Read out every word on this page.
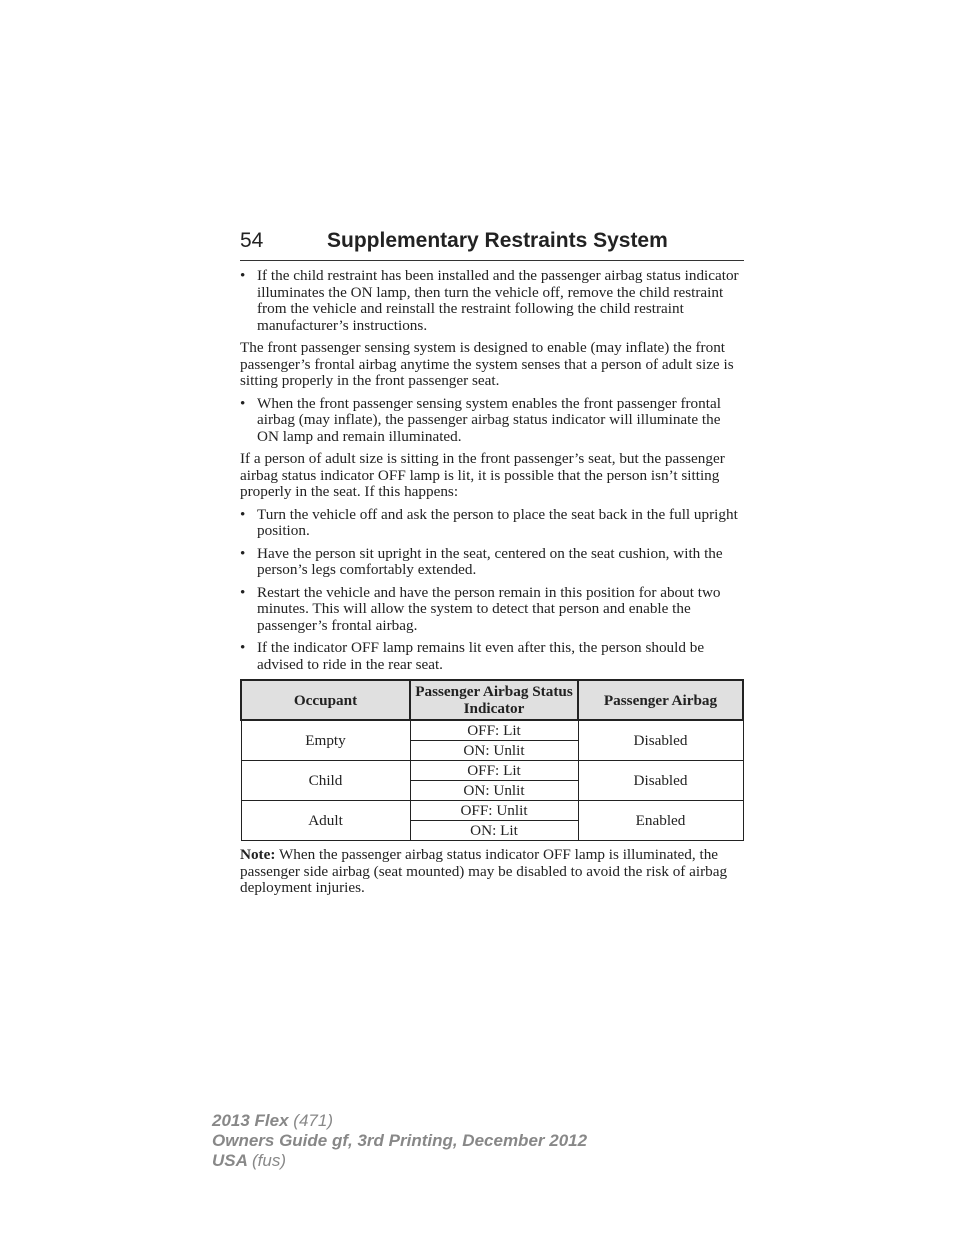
54	Supplementary Restraints System
• If the child restraint has been installed and the passenger airbag status indicator illuminates the ON lamp, then turn the vehicle off, remove the child restraint from the vehicle and reinstall the restraint following the child restraint manufacturer’s instructions.

The front passenger sensing system is designed to enable (may inflate) the front passenger’s frontal airbag anytime the system senses that a person of adult size is sitting properly in the front passenger seat.

• When the front passenger sensing system enables the front passenger frontal airbag (may inflate), the passenger airbag status indicator will illuminate the ON lamp and remain illuminated.

If a person of adult size is sitting in the front passenger’s seat, but the passenger airbag status indicator OFF lamp is lit, it is possible that the person isn’t sitting properly in the seat. If this happens:

• Turn the vehicle off and ask the person to place the seat back in the full upright position.
• Have the person sit upright in the seat, centered on the seat cushion, with the person’s legs comfortably extended.
• Restart the vehicle and have the person remain in this position for about two minutes. This will allow the system to detect that person and enable the passenger’s frontal airbag.
• If the indicator OFF lamp remains lit even after this, the person should be advised to ride in the rear seat.
Occupant	Passenger Airbag Status Indicator	Passenger Airbag
Empty	OFF: Lit	Disabled
	ON: Unlit	
Child	OFF: Lit	Disabled
	ON: Unlit	
Adult	OFF: Unlit	Enabled
	ON: Lit	

Note: When the passenger airbag status indicator OFF lamp is illuminated, the passenger side airbag (seat mounted) may be disabled to avoid the risk of airbag deployment injuries.

2013 Flex (471)
Owners Guide gf, 3rd Printing, December 2012
USA (fus)
